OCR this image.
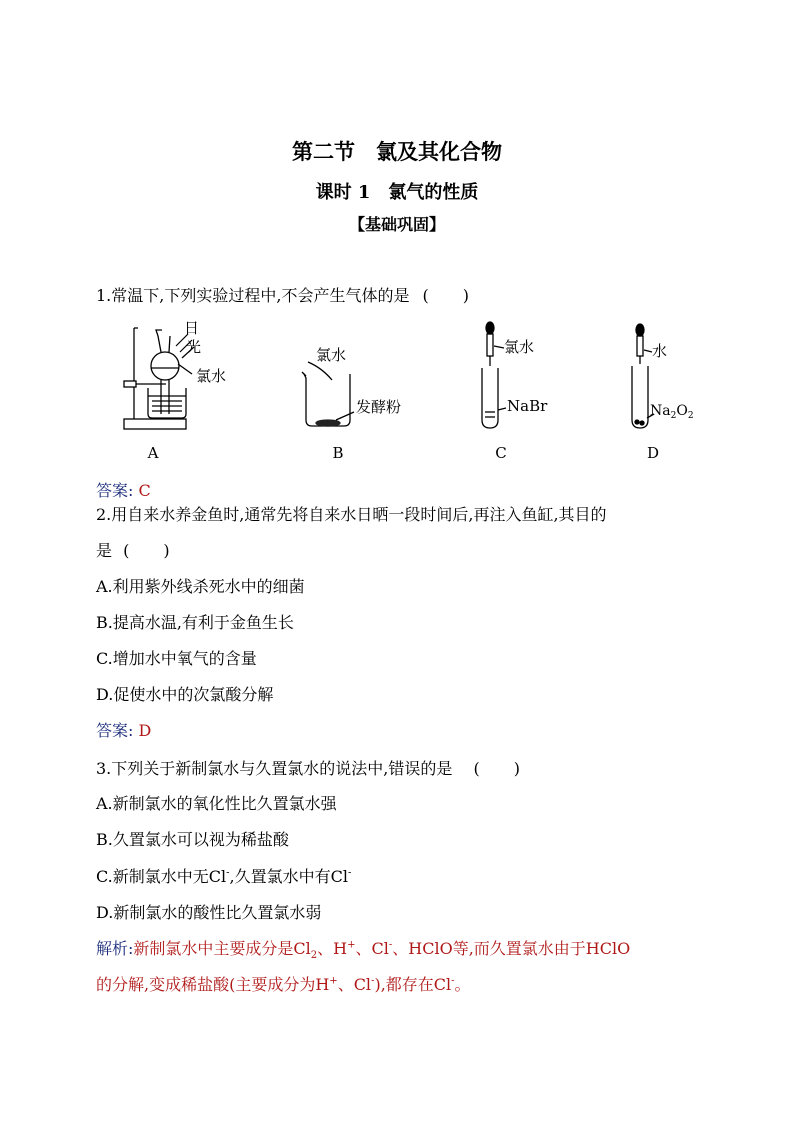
第二节　氯及其化合物
课时 1　氯气的性质
【基础巩固】
1.常温下,下列实验过程中,不会产生气体的是 ( )
日
光
氯水
A
氯水
发酵粉
B
氯水
NaBr
C
水
$Na_2O_2$
D
答案: C
2.用自来水养金鱼时,通常先将自来水日晒一段时间后,再注入鱼缸,其目的
是 ( )
A.利用紫外线杀死水中的细菌
B.提高水温,有利于金鱼生长
C.增加水中氧气的含量
D.促使水中的次氯酸分解
答案: D
3.下列关于新制氯水与久置氯水的说法中,错误的是 ( )
A.新制氯水的氧化性比久置氯水强
B.久置氯水可以视为稀盐酸
C.新制氯水中无Cl-,久置氯水中有Cl-
D.新制氯水的酸性比久置氯水弱
解析:新制氯水中主要成分是$Cl_2$、H+、Cl-、HClO等,而久置氯水由于HClO
的分解,变成稀盐酸(主要成分为H+、Cl-),都存在Cl-。
